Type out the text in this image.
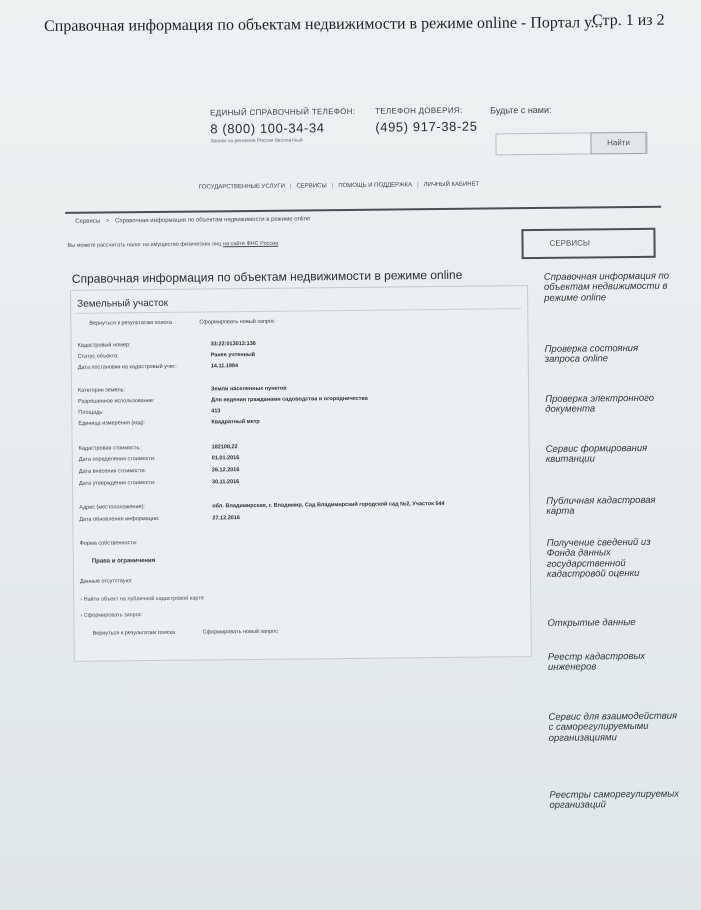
Справочная информация по объектам недвижимости в режиме online - Портал у...
Стр. 1 из 2
ЕДИНЫЙ СПРАВОЧНЫЙ ТЕЛЕФОН:
8 (800) 100-34-34
Звонок из регионов России бесплатный
ТЕЛЕФОН ДОВЕРИЯ:
(495) 917-38-25
Будьте с нами:
Найти
ГОСУДАРСТВЕННЫЕ УСЛУГИ | СЕРВИСЫ | ПОМОЩЬ И ПОДДЕРЖКА | ЛИЧНЫЙ КАБИНЕТ
Сервисы > Справочная информация по объектам недвижимости в режиме online
Вы можете рассчитать налог на имущество физических лиц на сайте ФНС России	СЕРВИСЫ
Справочная информация по объектам недвижимости в режиме online
Земельный участок
Вернуться к результатам поиска	Сформировать новый запрос
Кадастровый номер:	33:22:013013:136
Статус объекта:	Ранее учтенный
Дата постановки на кадастровый учет:	14.11.1994
Категория земель:	Земли населенных пунктов
Разрешенное использование:	Для ведения гражданами садоводства и огородничества
Площадь:	413
Единица измерения (код):	Квадратный метр
Кадастровая стоимость:	182108,22
Дата определения стоимости:	01.01.2016
Дата внесения стоимости:	26.12.2016
Дата утверждения стоимости:	30.11.2016
Адрес (местоположение):	обл. Владимирская, г. Владимир, Сад Владимирский городской сад №2, Участок 544
Дата обновления информации:	27.12.2016
Форма собственности:
Права и ограничения
Данные отсутствуют
› Найти объект на публичной кадастровой карте
› Сформировать запрос
Вернуться к результатам поиска	Сформировать новый запрос
Справочная информация по объектам недвижимости в режиме online
Проверка состояния запроса online
Проверка электронного документа
Сервис формирования квитанции
Публичная кадастровая карта
Получение сведений из Фонда данных государственной кадастровой оценки
Открытые данные
Реестр кадастровых инженеров
Сервис для взаимодействия с саморегулируемыми организациями
Реестры саморегулируемых организаций
